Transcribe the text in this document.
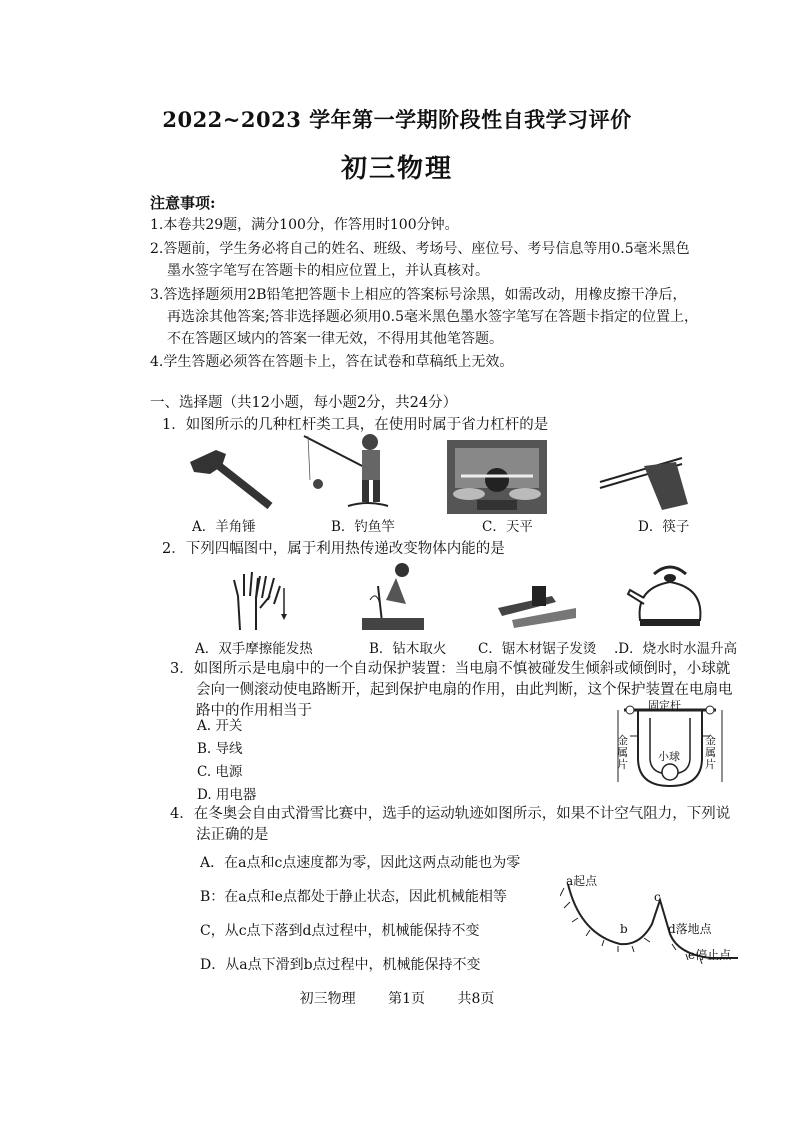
2022~2023 学年第一学期阶段性自我学习评价
初三物理
注意事项:
1.本卷共29题，满分100分，作答用时100分钟。
2.答题前，学生务必将自己的姓名、班级、考场号、座位号、考号信息等用0.5毫米黑色
墨水签字笔写在答题卡的相应位置上，并认真核对。
3.答选择题须用2B铅笔把答题卡上相应的答案标号涂黑，如需改动，用橡皮擦干净后，
再选涂其他答案;答非选择题必须用0.5毫米黑色墨水签字笔写在答题卡指定的位置上，
不在答题区域内的答案一律无效，不得用其他笔答题。
4.学生答题必须答在答题卡上，答在试卷和草稿纸上无效。
一、选择题（共12小题，每小题2分，共24分）
1．如图所示的几种杠杆类工具，在使用时属于省力杠杆的是
A．羊角锤	B．钓鱼竿	C．天平	D．筷子
2．下列四幅图中，属于利用热传递改变物体内能的是
A．双手摩擦能发热	B．钻木取火 C．锯木材锯子发烫 .D．烧水时水温升高
3．如图所示是电扇中的一个自动保护装置：当电扇不慎被碰发生倾斜或倾倒时，小球就
会向一侧滚动使电路断开，起到保护电扇的作用，由此判断，这个保护装置在电扇电
路中的作用相当于
A. 开关
B. 导线
C. 电源
D. 用电器
固定杆
金
属
片
金
属
片
小球
4．在冬奥会自由式滑雪比赛中，选手的运动轨迹如图所示，如果不计空气阻力，下列说
法正确的是
A．在a点和c点速度都为零，因此这两点动能也为零
B：在a点和e点都处于静止状态，因此机械能相等
C，从c点下落到d点过程中，机械能保持不变
D．从a点下滑到b点过程中，机械能保持不变
a起点
b
c
d落地点
e停止点
初三物理 第1页 共8页
